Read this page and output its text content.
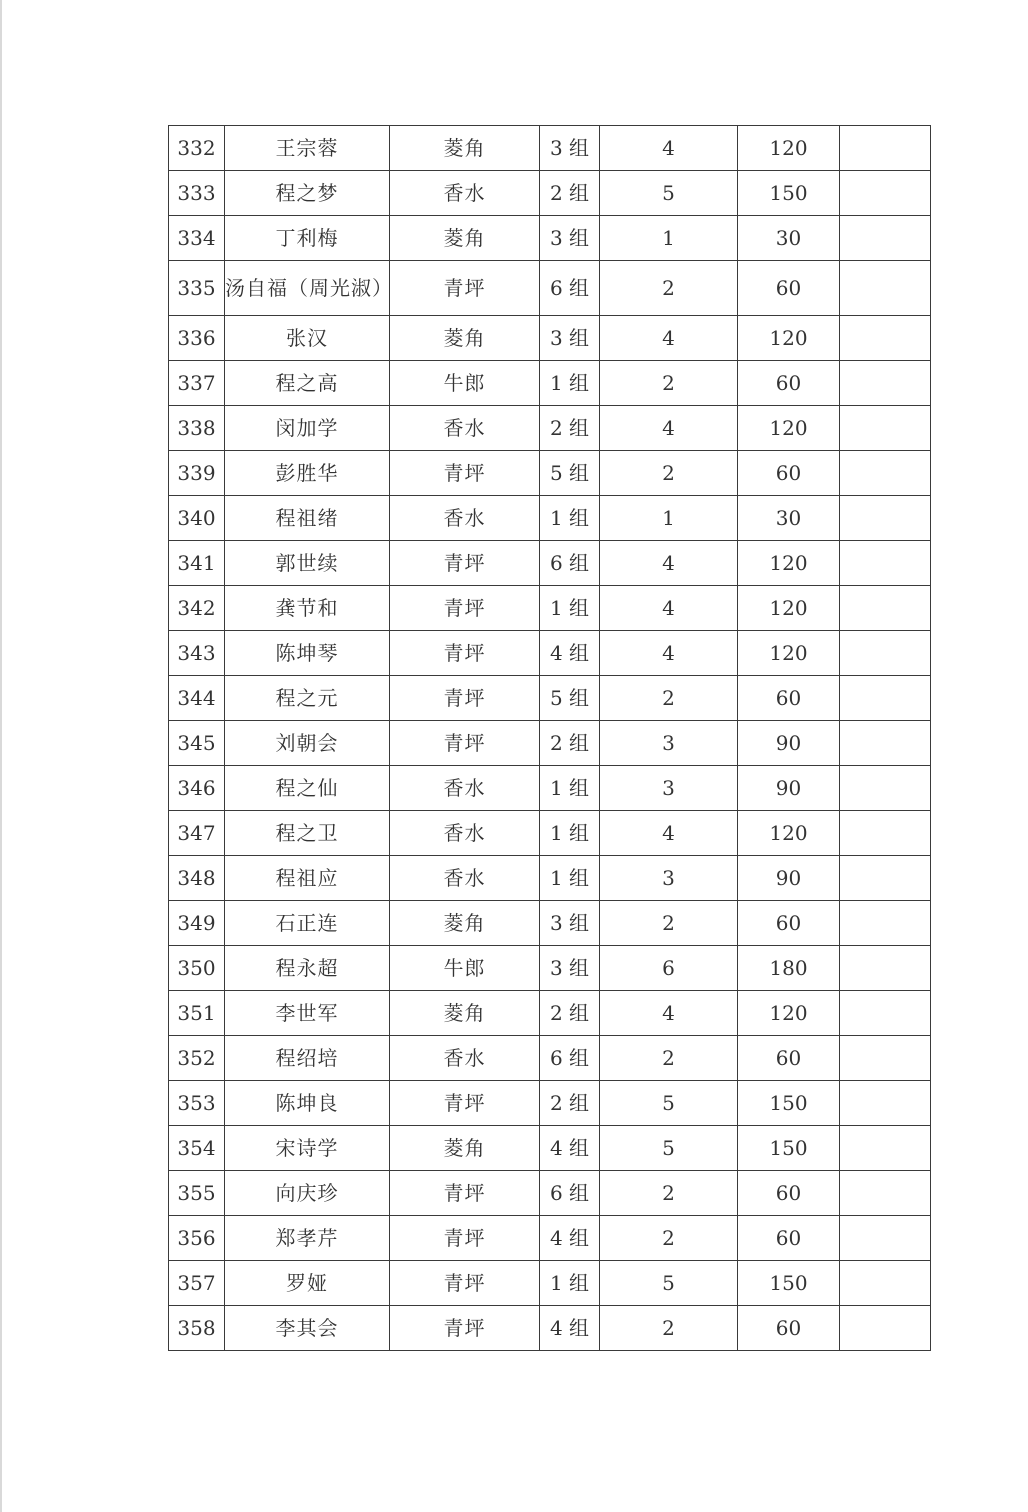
332	王宗蓉	菱角	3 组	4	120	
333	程之梦	香水	2 组	5	150	
334	丁利梅	菱角	3 组	1	30	
335	汤自福（周光淑）	青坪	6 组	2	60	
336	张汉	菱角	3 组	4	120	
337	程之高	牛郎	1 组	2	60	
338	闵加学	香水	2 组	4	120	
339	彭胜华	青坪	5 组	2	60	
340	程祖绪	香水	1 组	1	30	
341	郭世续	青坪	6 组	4	120	
342	龚节和	青坪	1 组	4	120	
343	陈坤琴	青坪	4 组	4	120	
344	程之元	青坪	5 组	2	60	
345	刘朝会	青坪	2 组	3	90	
346	程之仙	香水	1 组	3	90	
347	程之卫	香水	1 组	4	120	
348	程祖应	香水	1 组	3	90	
349	石正连	菱角	3 组	2	60	
350	程永超	牛郎	3 组	6	180	
351	李世军	菱角	2 组	4	120	
352	程绍培	香水	6 组	2	60	
353	陈坤良	青坪	2 组	5	150	
354	宋诗学	菱角	4 组	5	150	
355	向庆珍	青坪	6 组	2	60	
356	郑孝芹	青坪	4 组	2	60	
357	罗娅	青坪	1 组	5	150	
358	李其会	青坪	4 组	2	60	
